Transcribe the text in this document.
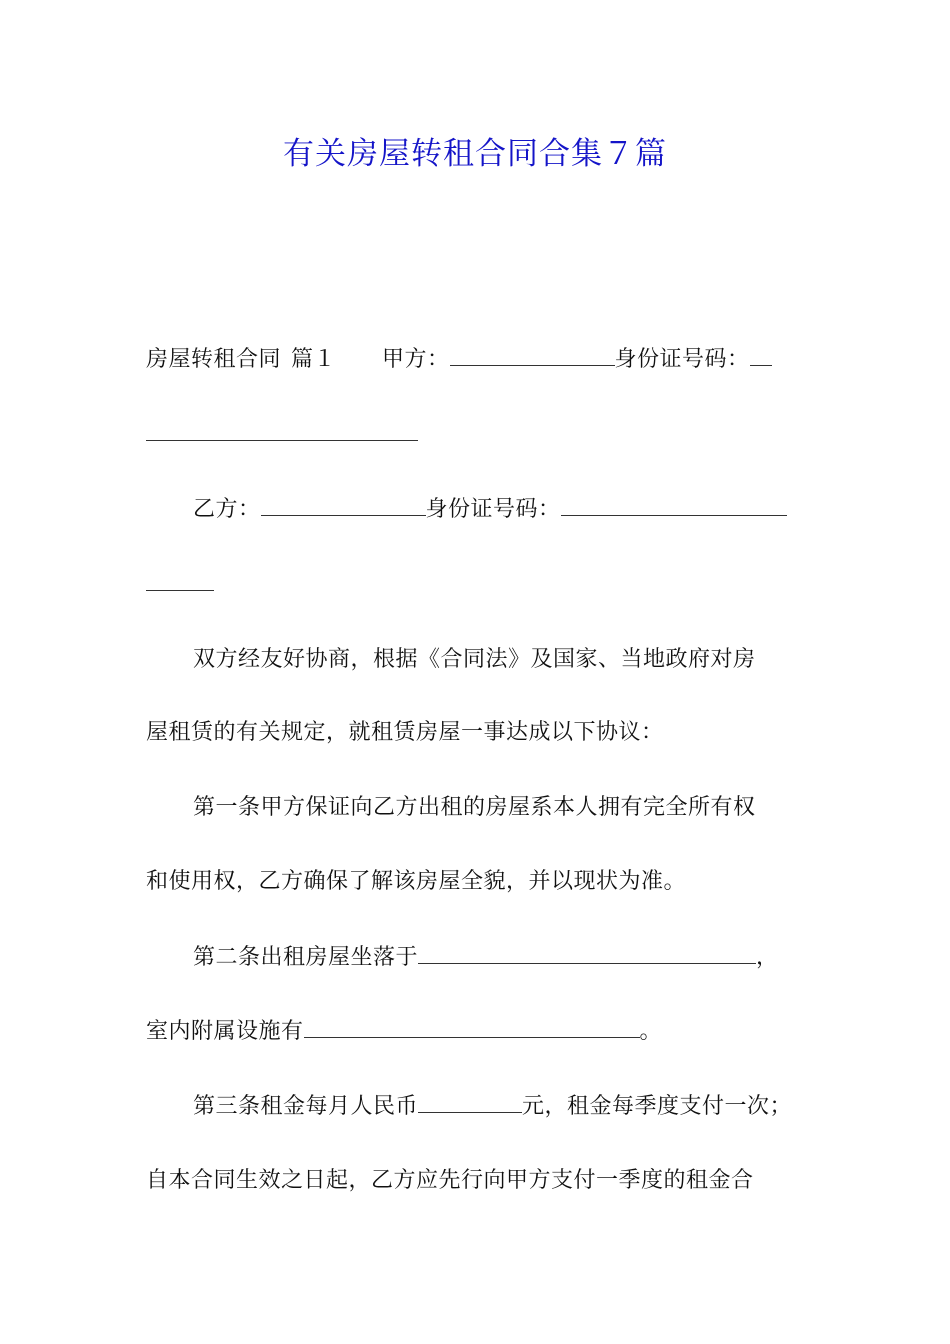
有关房屋转租合同合集７篇
房屋转租合同 篇１ 甲方：	身份证号码：
乙方：	身份证号码：
双方经友好协商，根据《合同法》及国家、当地政府对房
屋租赁的有关规定，就租赁房屋一事达成以下协议：
第一条甲方保证向乙方出租的房屋系本人拥有完全所有权
和使用权，乙方确保了解该房屋全貌，并以现状为准。
第二条出租房屋坐落于	，
室内附属设施有	。
第三条租金每月人民币	元，租金每季度支付一次；
自本合同生效之日起，乙方应先行向甲方支付一季度的租金合
